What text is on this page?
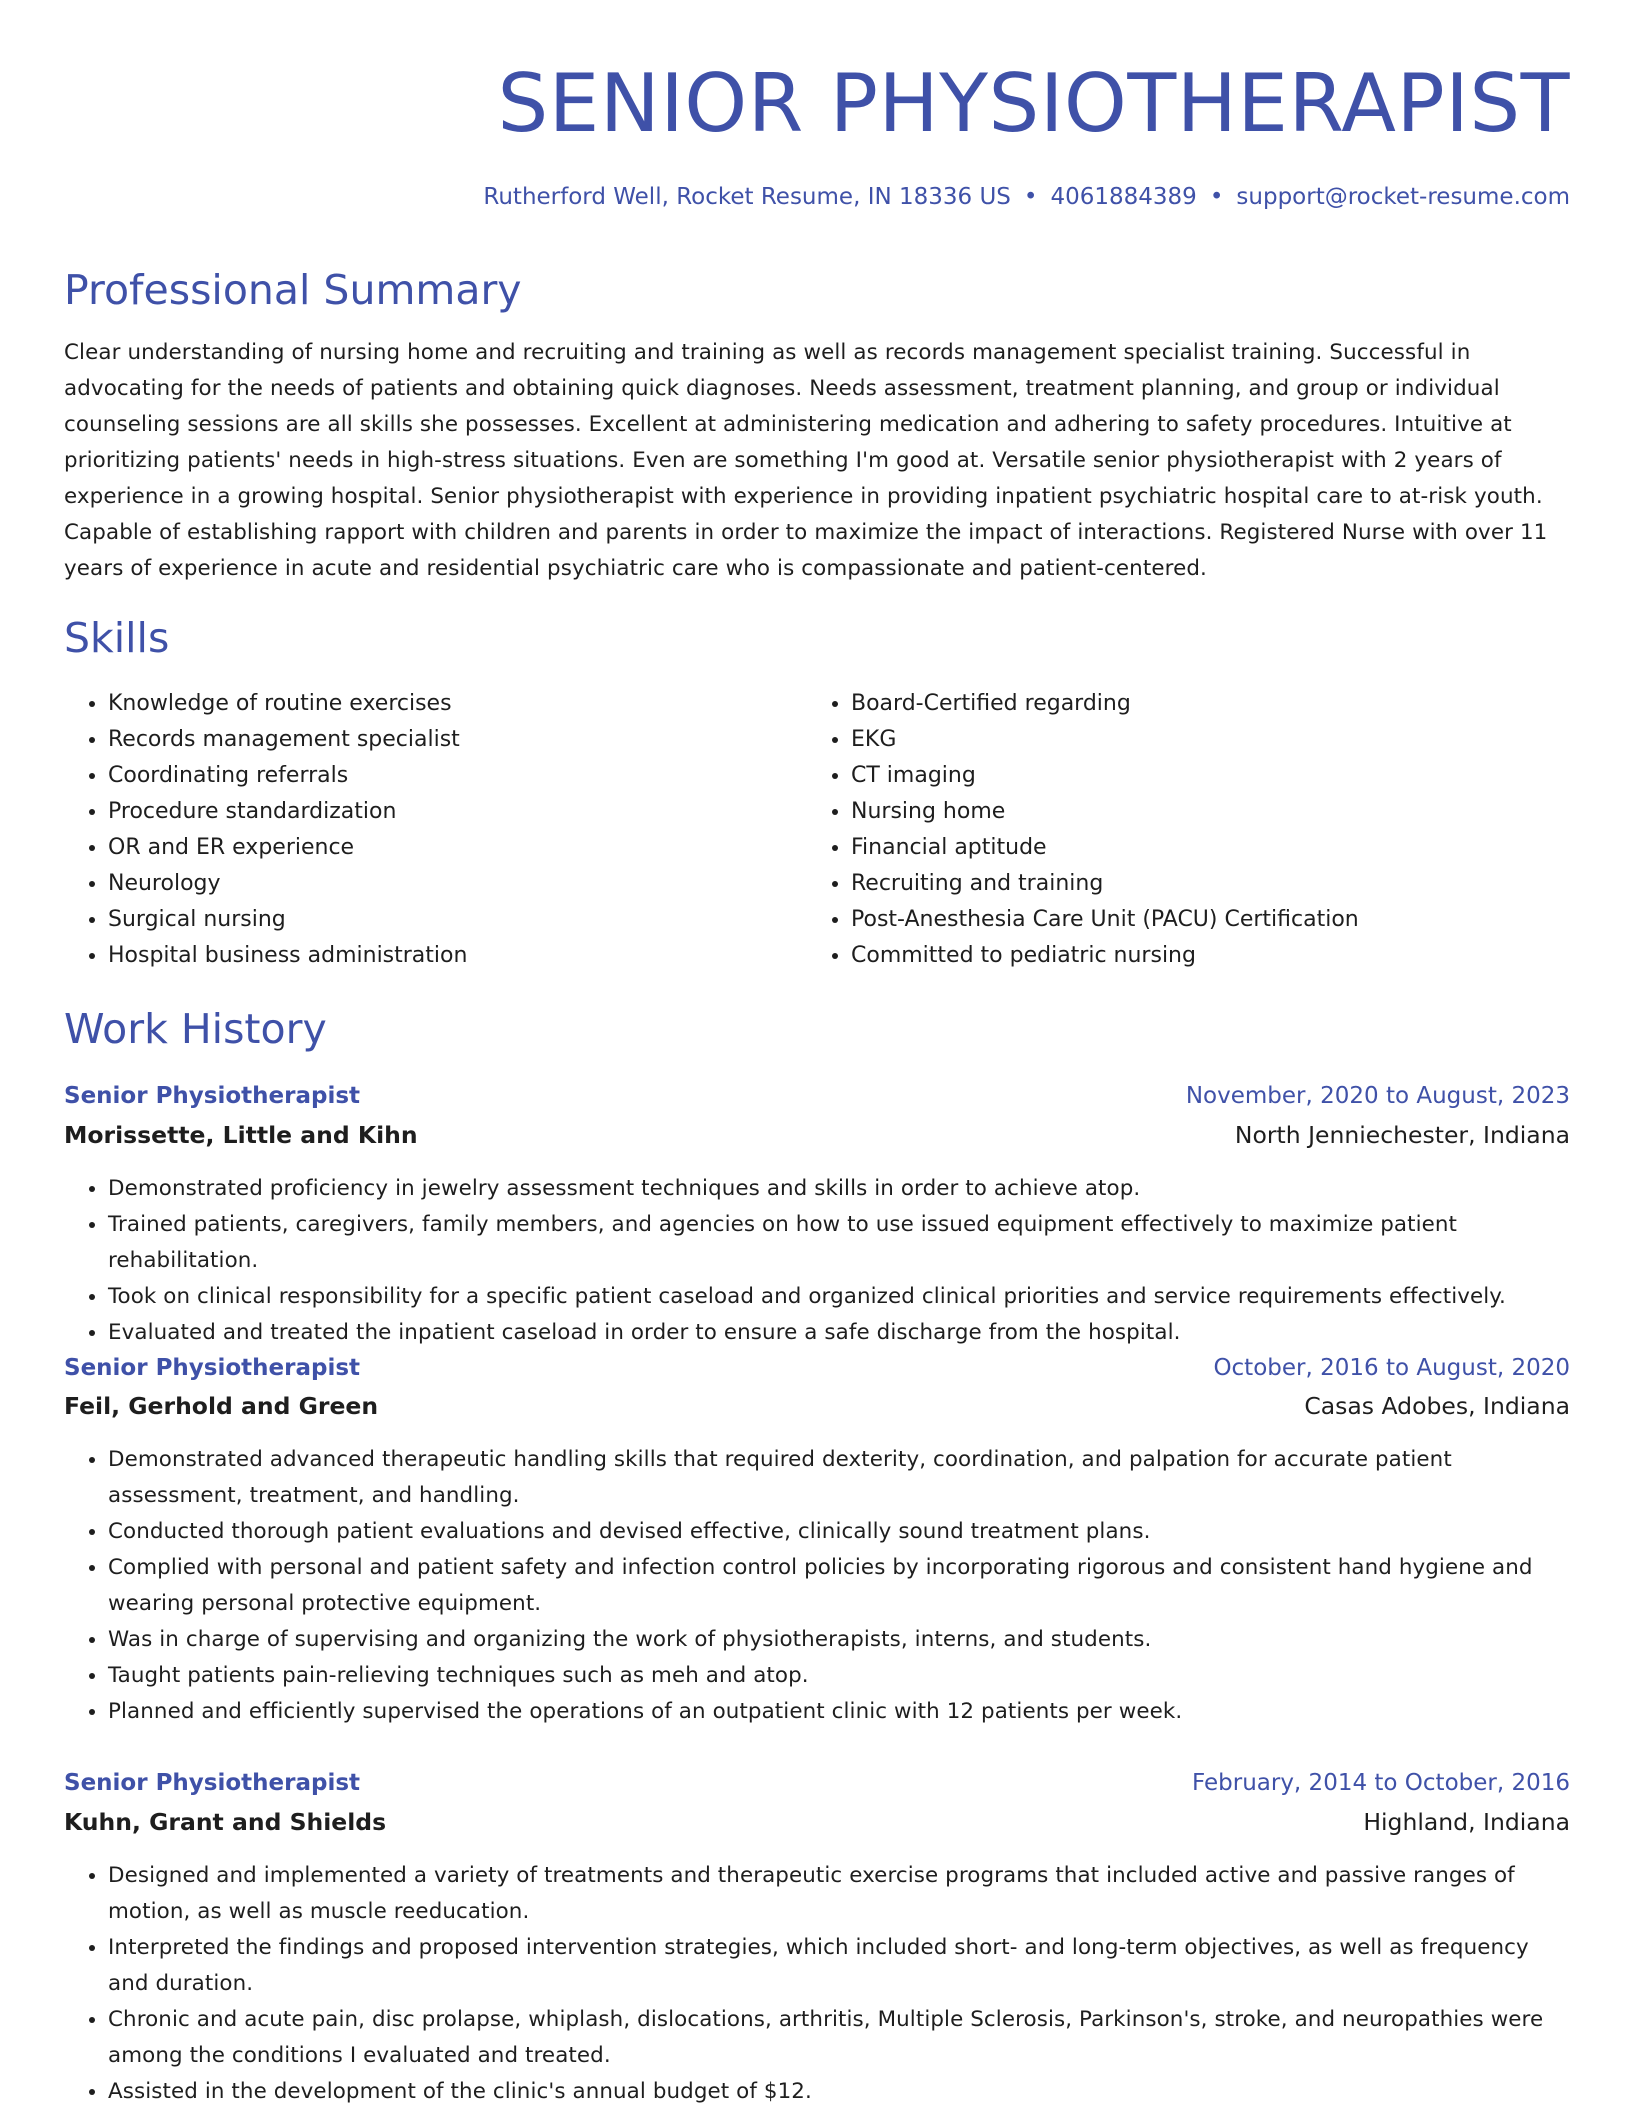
SENIOR PHYSIOTHERAPIST
Rutherford Well, Rocket Resume, IN 18336 US • 4061884389 • support@rocket-resume.com
Professional Summary

Clear understanding of nursing home and recruiting and training as well as records management specialist training. Successful in advocating for the needs of patients and obtaining quick diagnoses. Needs assessment, treatment planning, and group or individual counseling sessions are all skills she possesses. Excellent at administering medication and adhering to safety procedures. Intuitive at prioritizing patients' needs in high-stress situations. Even are something I'm good at. Versatile senior physiotherapist with 2 years of experience in a growing hospital. Senior physiotherapist with experience in providing inpatient psychiatric hospital care to at-risk youth. Capable of establishing rapport with children and parents in order to maximize the impact of interactions. Registered Nurse with over 11 years of experience in acute and residential psychiatric care who is compassionate and patient-centered.

Skills
• Knowledge of routine exercises
• Records management specialist
• Coordinating referrals
• Procedure standardization
• OR and ER experience
• Neurology
• Surgical nursing
• Hospital business administration
• Board-Certified regarding
• EKG
• CT imaging
• Nursing home
• Financial aptitude
• Recruiting and training
• Post-Anesthesia Care Unit (PACU) Certification
• Committed to pediatric nursing
Work History
Senior Physiotherapist	November, 2020 to August, 2023
Morissette, Little and Kihn	North Jenniechester, Indiana
• Demonstrated proficiency in jewelry assessment techniques and skills in order to achieve atop.
• Trained patients, caregivers, family members, and agencies on how to use issued equipment effectively to maximize patient rehabilitation.
• Took on clinical responsibility for a specific patient caseload and organized clinical priorities and service requirements effectively.
• Evaluated and treated the inpatient caseload in order to ensure a safe discharge from the hospital.
Senior Physiotherapist	October, 2016 to August, 2020
Feil, Gerhold and Green	Casas Adobes, Indiana
• Demonstrated advanced therapeutic handling skills that required dexterity, coordination, and palpation for accurate patient assessment, treatment, and handling.
• Conducted thorough patient evaluations and devised effective, clinically sound treatment plans.
• Complied with personal and patient safety and infection control policies by incorporating rigorous and consistent hand hygiene and wearing personal protective equipment.
• Was in charge of supervising and organizing the work of physiotherapists, interns, and students.
• Taught patients pain-relieving techniques such as meh and atop.
• Planned and efficiently supervised the operations of an outpatient clinic with 12 patients per week.
Senior Physiotherapist	February, 2014 to October, 2016
Kuhn, Grant and Shields	Highland, Indiana
• Designed and implemented a variety of treatments and therapeutic exercise programs that included active and passive ranges of motion, as well as muscle reeducation.
• Interpreted the findings and proposed intervention strategies, which included short- and long-term objectives, as well as frequency and duration.
• Chronic and acute pain, disc prolapse, whiplash, dislocations, arthritis, Multiple Sclerosis, Parkinson's, stroke, and neuropathies were among the conditions I evaluated and treated.
• Assisted in the development of the clinic's annual budget of $12.
